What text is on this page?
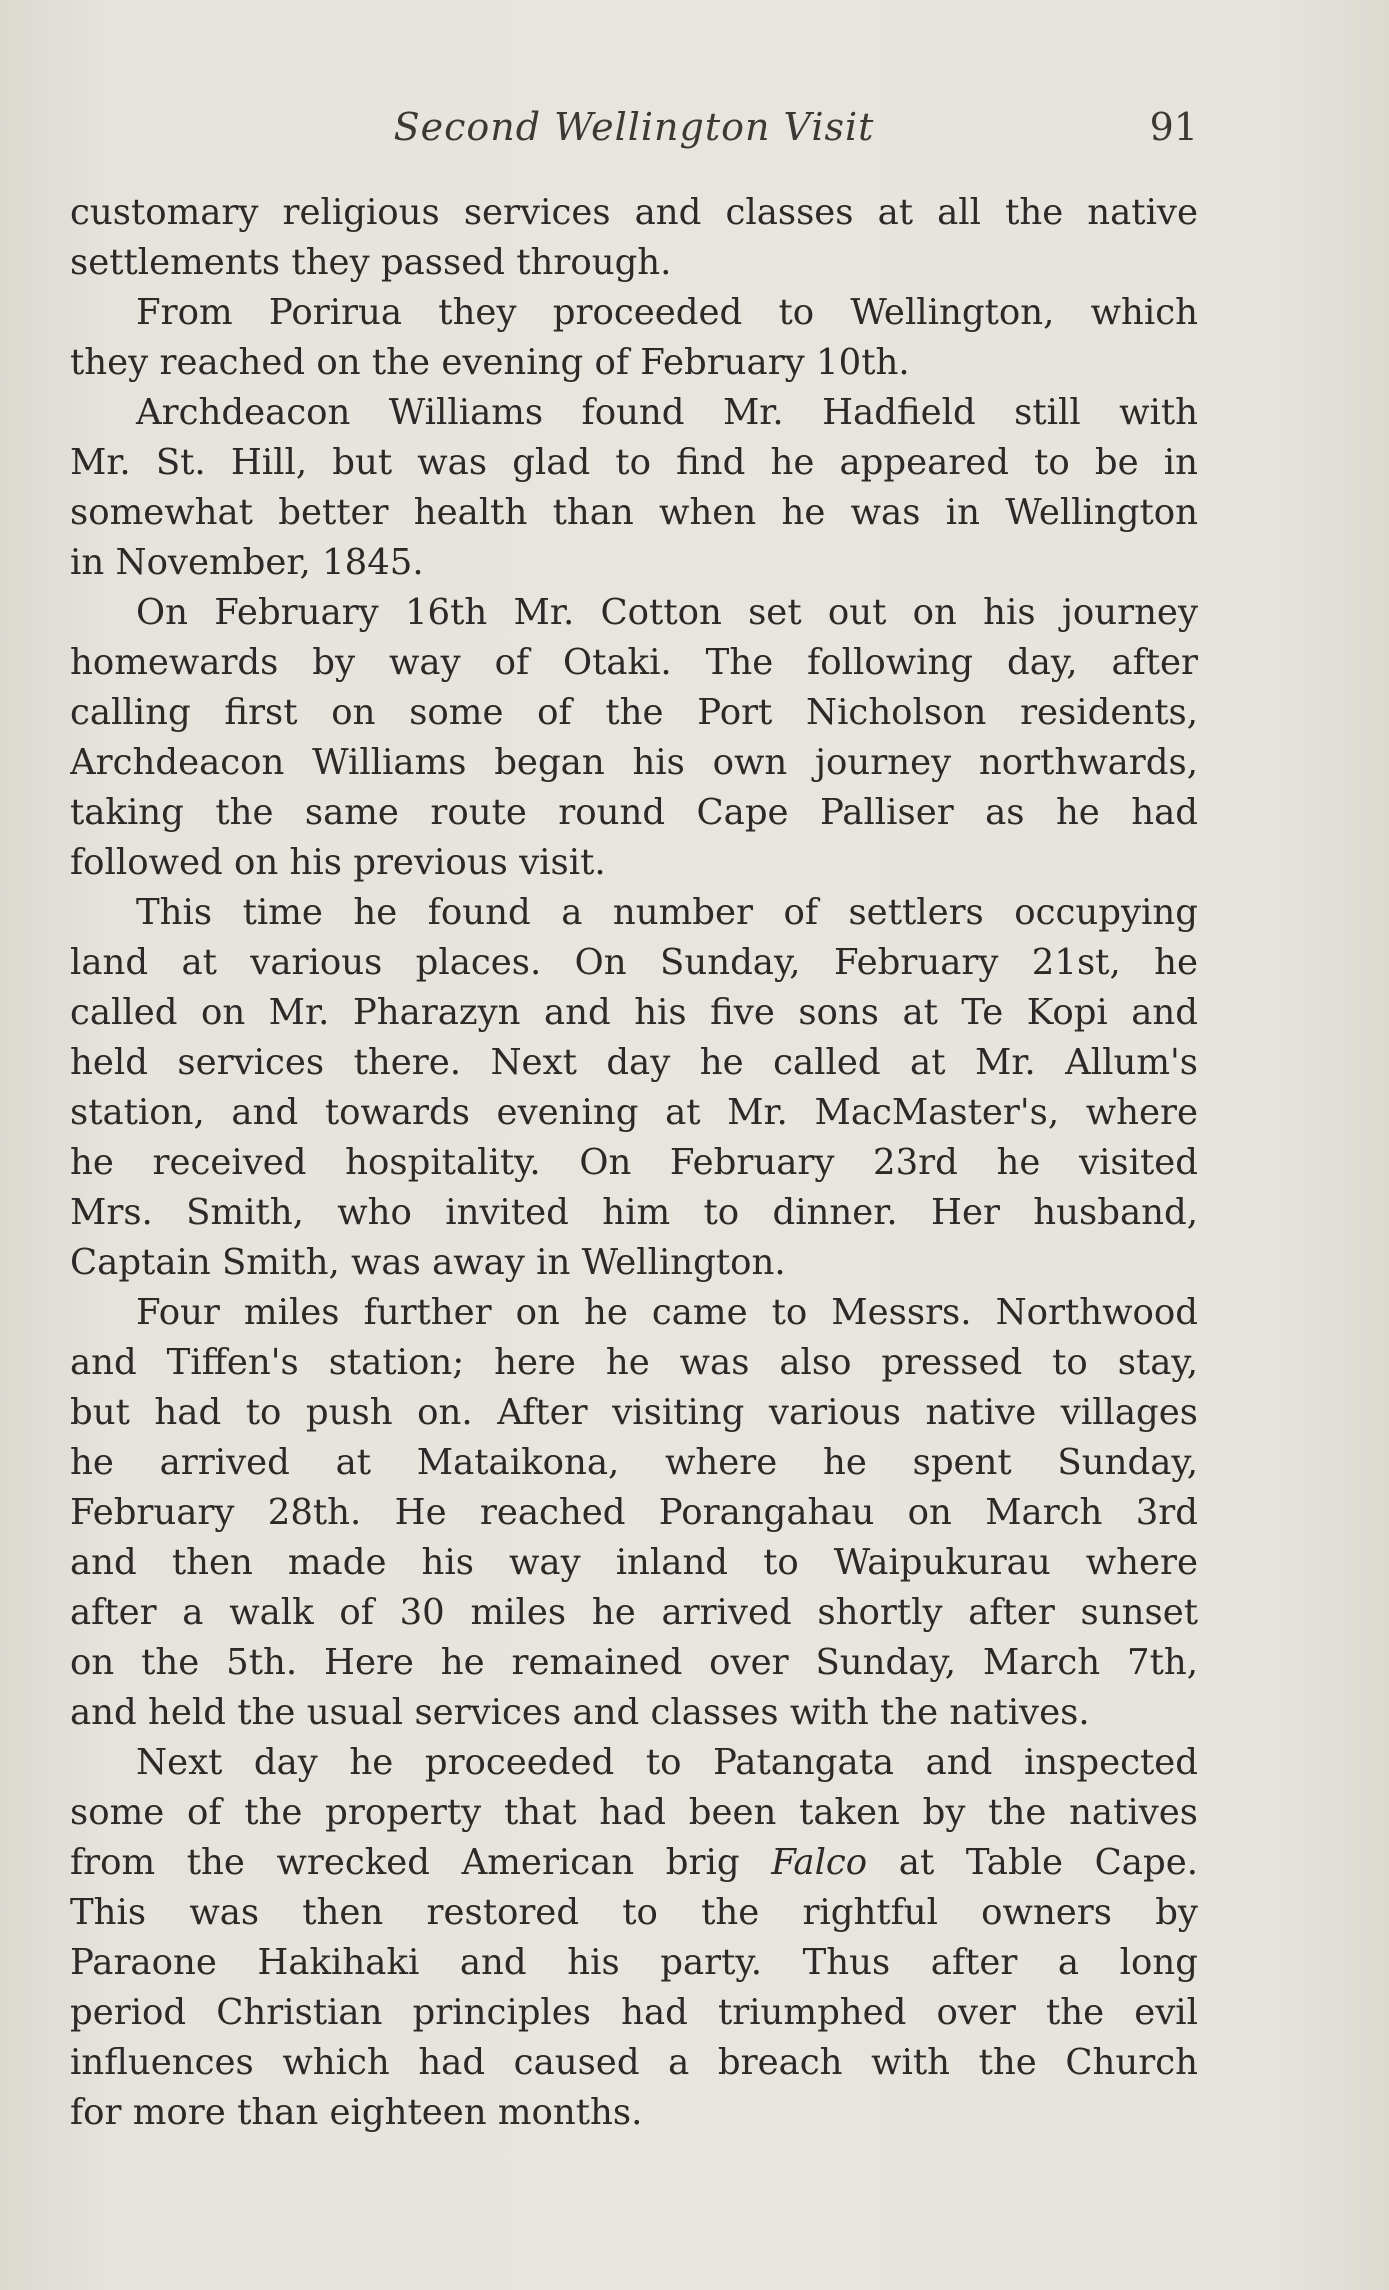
Second Wellington Visit	91
customary religious services and classes at all the native
settlements they passed through.
From Porirua they proceeded to Wellington, which
they reached on the evening of February 10th.
Archdeacon Williams found Mr. Hadfield still with
Mr. St. Hill, but was glad to find he appeared to be in
somewhat better health than when he was in Wellington
in November, 1845.
On February 16th Mr. Cotton set out on his journey
homewards by way of Otaki. The following day, after
calling first on some of the Port Nicholson residents,
Archdeacon Williams began his own journey northwards,
taking the same route round Cape Palliser as he had
followed on his previous visit.
This time he found a number of settlers occupying
land at various places. On Sunday, February 21st, he
called on Mr. Pharazyn and his five sons at Te Kopi and
held services there. Next day he called at Mr. Allum's
station, and towards evening at Mr. MacMaster's, where
he received hospitality. On February 23rd he visited
Mrs. Smith, who invited him to dinner. Her husband,
Captain Smith, was away in Wellington.
Four miles further on he came to Messrs. Northwood
and Tiffen's station; here he was also pressed to stay,
but had to push on. After visiting various native villages
he arrived at Mataikona, where he spent Sunday,
February 28th. He reached Porangahau on March 3rd
and then made his way inland to Waipukurau where
after a walk of 30 miles he arrived shortly after sunset
on the 5th. Here he remained over Sunday, March 7th,
and held the usual services and classes with the natives.
Next day he proceeded to Patangata and inspected
some of the property that had been taken by the natives
from the wrecked American brig Falco at Table Cape.
This was then restored to the rightful owners by
Paraone Hakihaki and his party. Thus after a long
period Christian principles had triumphed over the evil
influences which had caused a breach with the Church
for more than eighteen months.
